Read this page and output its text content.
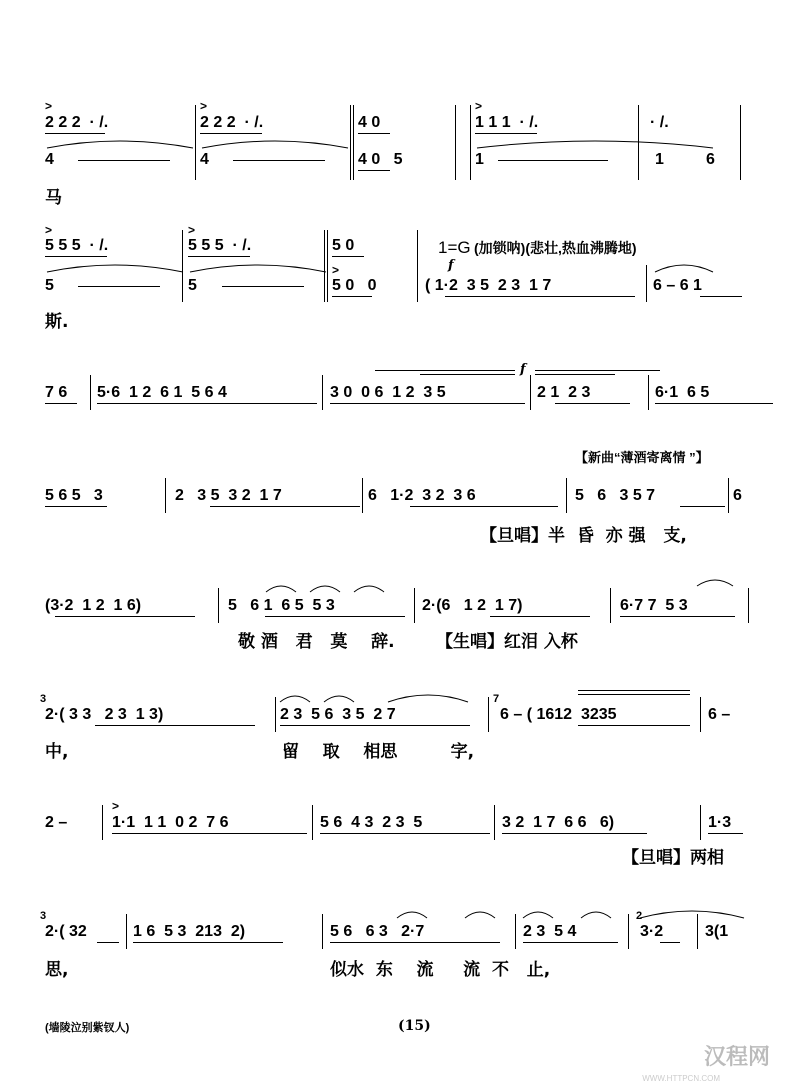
>	>	>
2 2 2  · /.	2 2 2  · /.	4 0	1 1 1  · /.	· /.
4	4	4 0   5	1	1	6
马
>	>
>
5 5 5  · /.	5 5 5  · /.	5 0
5	5	5 0   0	( 1·2  3 5  2 3  1 7	6 – 6 1
1=G (加锁呐)(悲壮,热血沸腾地)
f
斯.
f
7 6 5·6  1 2  6 1  5 6 4	3 0  0 6  1 2  3 5	2 1  2 3	6·1  6 5
【新曲“薄酒寄离情 ”】
5 6 5   3	2   3 5  3 2  1 7	6   1·2  3 2  3 6	5   6   3 5 7	6
【旦唱】半  昏  亦 强   支,
(3·2  1 2  1 6)	5   6 1  6 5  5 3	2·(6   1 2  1 7)	6·7 7  5 3
敬 酒   君   莫    辞.       【生唱】红泪 入杯
3	7
2·( 3 3   2 3  1 3)	2 3  5 6  3 5  2 7	6 – ( 1612  3235	6 –
中,	留    取    相思         字,
>
2 –	1·1  1 1  0 2  7 6	5 6  4 3  2 3  5	3 2  1 7  6 6   6)	1·3
【旦唱】两相
3	2
2·( 32	1 6  5 3  213  2)	5 6   6 3   2·7	2 3  5 4	3·2	3(1
思,	似水  东    流     流  不   止,
(墙陵泣别紫钗人)	(15)
汉程网
WWW.HTTPCN.COM
